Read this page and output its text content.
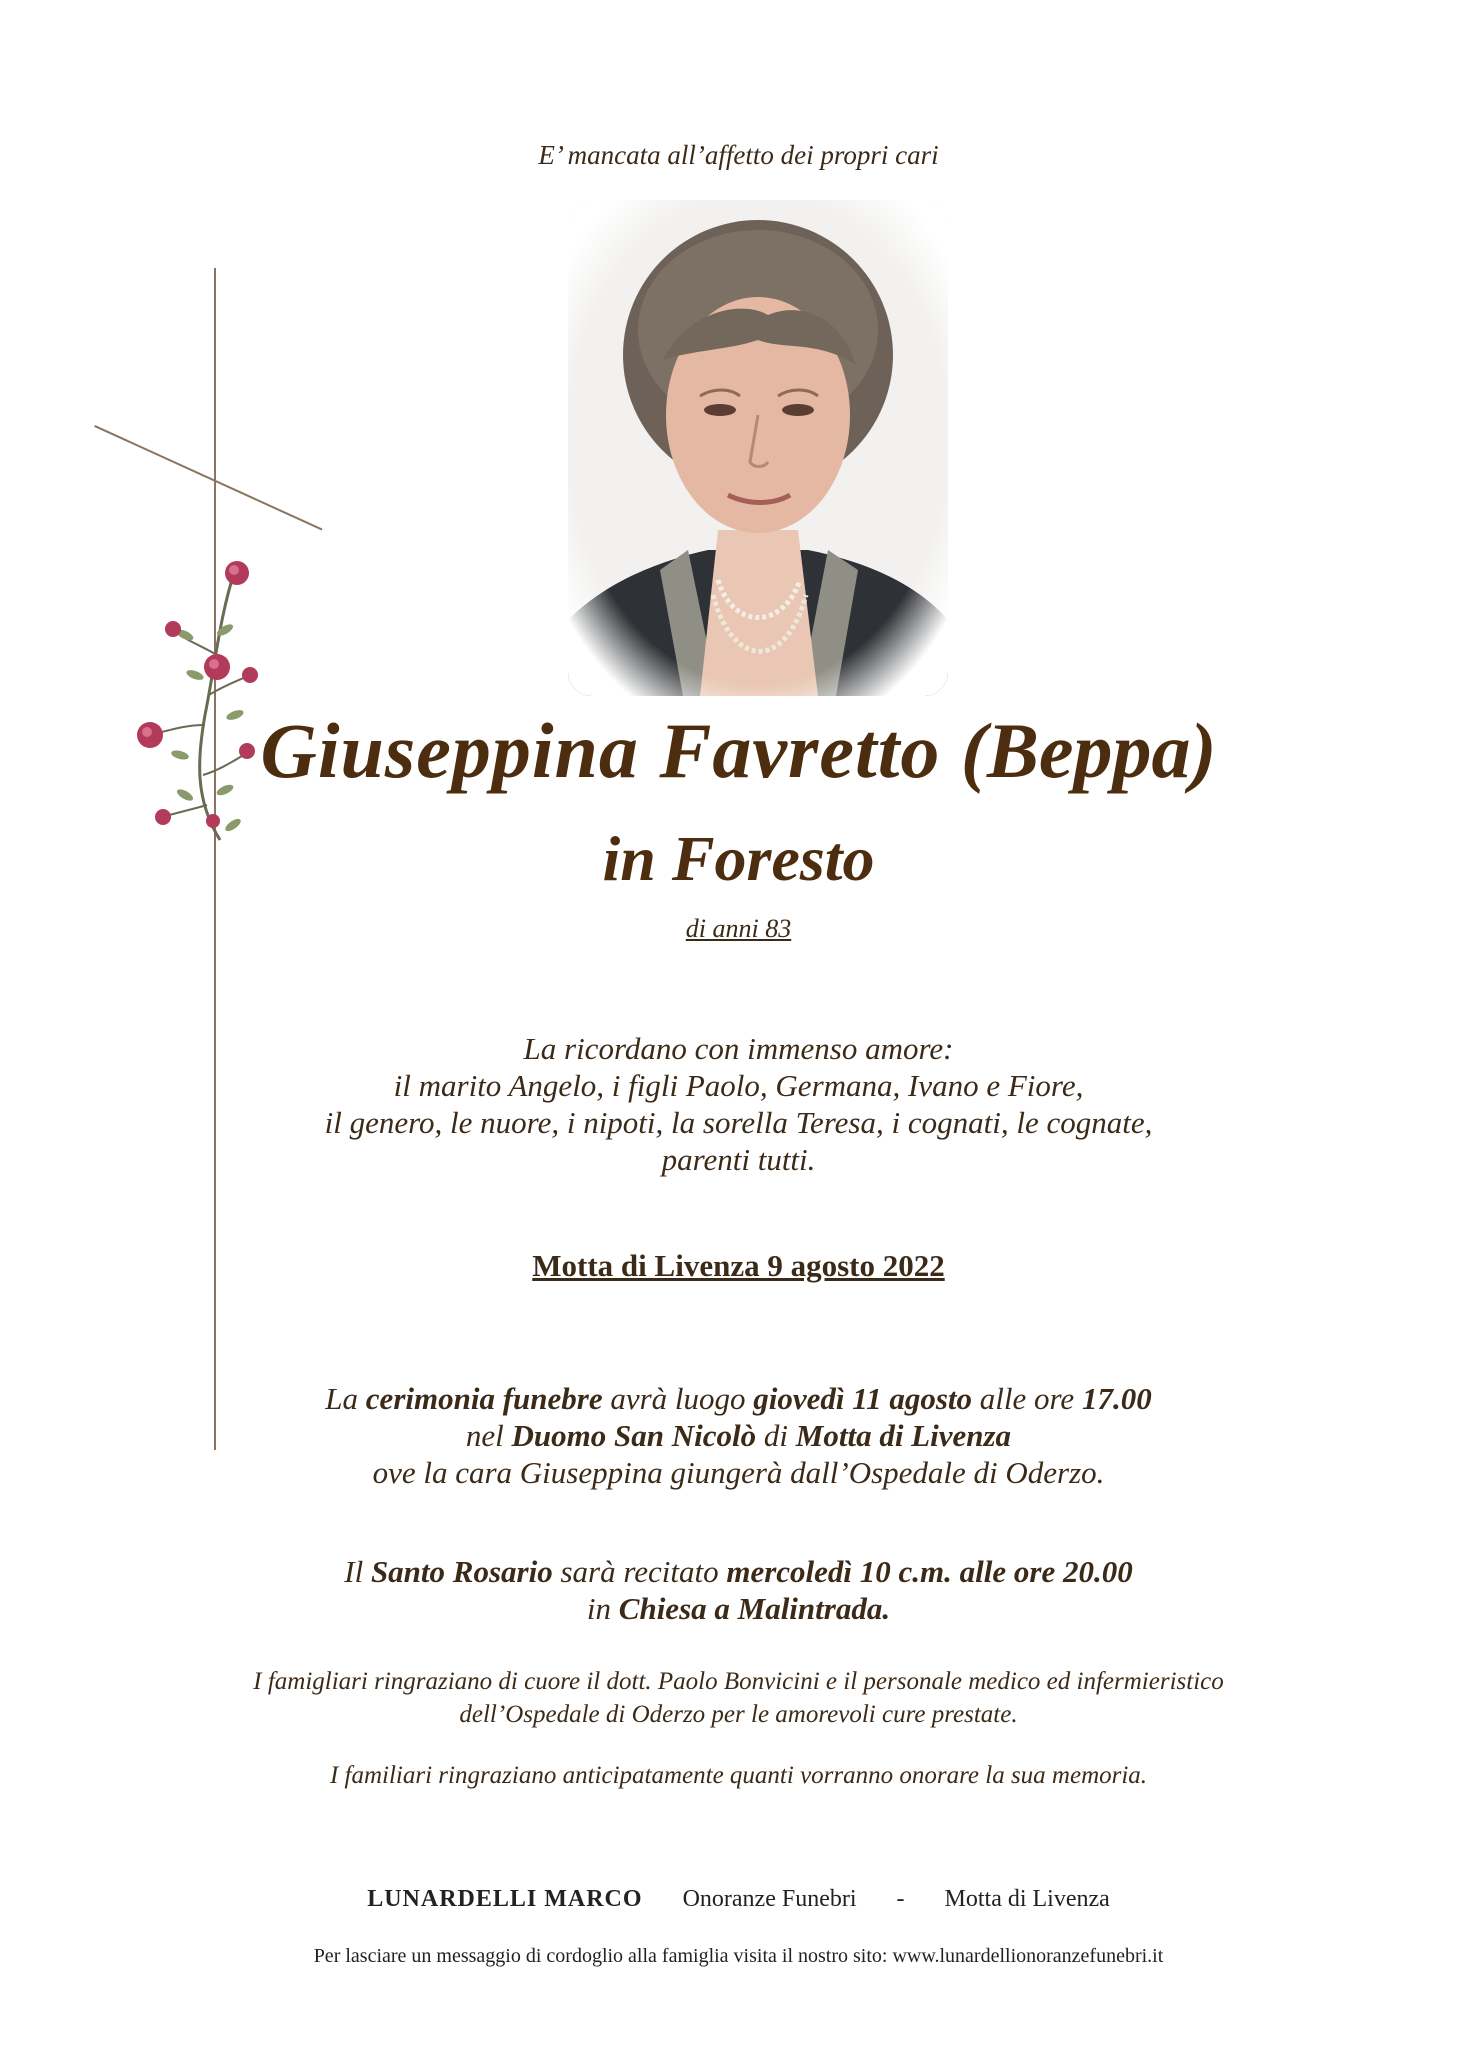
E’ mancata all’affetto dei propri cari
Giuseppina Favretto (Beppa)
in Foresto
di anni 83
La ricordano con immenso amore:
il marito Angelo, i figli Paolo, Germana, Ivano e Fiore,
il genero, le nuore, i nipoti, la sorella Teresa, i cognati, le cognate,
parenti tutti.
Motta di Livenza 9 agosto 2022
La cerimonia funebre avrà luogo giovedì 11 agosto alle ore 17.00
nel Duomo San Nicolò di Motta di Livenza
ove la cara Giuseppina giungerà dall’Ospedale di Oderzo.
Il Santo Rosario sarà recitato mercoledì 10 c.m. alle ore 20.00
in Chiesa a Malintrada.
I famigliari ringraziano di cuore il dott. Paolo Bonvicini e il personale medico ed infermieristico
dell’Ospedale di Oderzo per le amorevoli cure prestate.
I familiari ringraziano anticipatamente quanti vorranno onorare la sua memoria.
LUNARDELLI MARCO Onoranze Funebri - Motta di Livenza
Per lasciare un messaggio di cordoglio alla famiglia visita il nostro sito: www.lunardellionoranzefunebri.it
